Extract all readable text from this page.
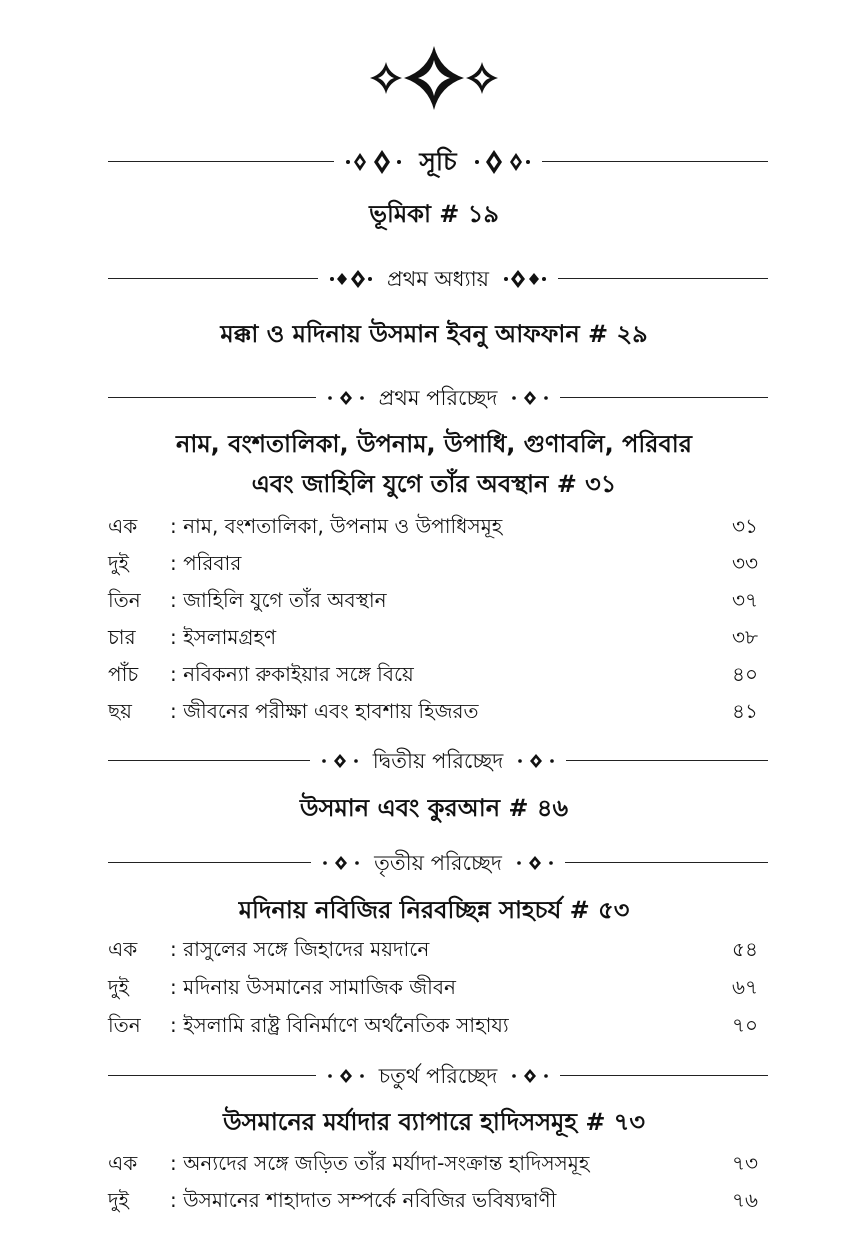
সূচি
ভূমিকা # ১৯
প্রথম অধ্যায়
মক্কা ও মদিনায় উসমান ইবনু আফফান # ২৯
প্রথম পরিচ্ছেদ
নাম, বংশতালিকা, উপনাম, উপাধি, গুণাবলি, পরিবার
এবং জাহিলি যুগে তাঁর অবস্থান # ৩১
এক : নাম, বংশতালিকা, উপনাম ও উপাধিসমূহ	৩১
দুই : পরিবার	৩৩
তিন : জাহিলি যুগে তাঁর অবস্থান	৩৭
চার : ইসলামগ্রহণ	৩৮
পাঁচ : নবিকন্যা রুকাইয়ার সঙ্গে বিয়ে	৪০
ছয় : জীবনের পরীক্ষা এবং হাবশায় হিজরত	৪১
দ্বিতীয় পরিচ্ছেদ
উসমান এবং কুরআন # ৪৬
তৃতীয় পরিচ্ছেদ
মদিনায় নবিজির নিরবচ্ছিন্ন সাহচর্য # ৫৩
এক : রাসুলের সঙ্গে জিহাদের ময়দানে	৫৪
দুই : মদিনায় উসমানের সামাজিক জীবন	৬৭
তিন : ইসলামি রাষ্ট্র বিনির্মাণে অর্থনৈতিক সাহায্য	৭০
চতুর্থ পরিচ্ছেদ
উসমানের মর্যাদার ব্যাপারে হাদিসসমূহ # ৭৩
এক : অন্যদের সঙ্গে জড়িত তাঁর মর্যাদা-সংক্রান্ত হাদিসসমূহ	৭৩
দুই : উসমানের শাহাদাত সম্পর্কে নবিজির ভবিষ্যদ্বাণী	৭৬
